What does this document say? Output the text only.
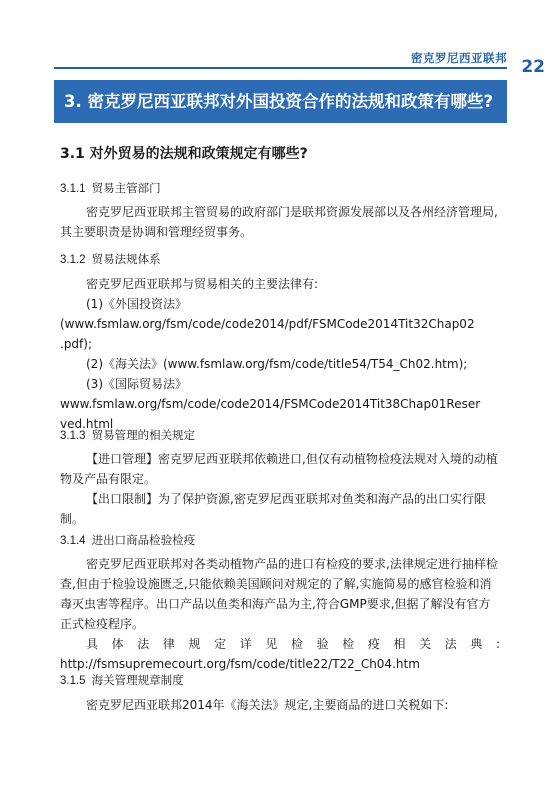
密克罗尼西亚联邦 22
3. 密克罗尼西亚联邦对外国投资合作的法规和政策有哪些?
3.1 对外贸易的法规和政策规定有哪些?
3.1.1 贸易主管部门

密克罗尼西亚联邦主管贸易的政府部门是联邦资源发展部以及各州经济管理局,其主要职责是协调和管理经贸事务。

3.1.2 贸易法规体系

密克罗尼西亚联邦与贸易相关的主要法律有:

(1)《外国投资法》

(www.fsmlaw.org/fsm/code/code2014/pdf/FSMCode2014Tit32Chap02

.pdf);

(2)《海关法》(www.fsmlaw.org/fsm/code/title54/T54_Ch02.htm);

(3)《国际贸易法》

www.fsmlaw.org/fsm/code/code2014/FSMCode2014Tit38Chap01Reser

ved.html

3.1.3 贸易管理的相关规定

【进口管理】密克罗尼西亚联邦依赖进口,但仅有动植物检疫法规对入境的动植物及产品有限定。

【出口限制】为了保护资源,密克罗尼西亚联邦对鱼类和海产品的出口实行限制。

3.1.4 进出口商品检验检疫

密克罗尼西亚联邦对各类动植物产品的进口有检疫的要求,法律规定进行抽样检查,但由于检验设施匮乏,只能依赖美国顾问对规定的了解,实施简易的感官检验和消毒灭虫害等程序。出口产品以鱼类和海产品为主,符合GMP要求,但据了解没有官方正式检疫程序。

具体法律规定详见检验检疫相关法典:

http://fsmsupremecourt.org/fsm/code/title22/T22_Ch04.htm

3.1.5 海关管理规章制度

密克罗尼西亚联邦2014年《海关法》规定,主要商品的进口关税如下:
